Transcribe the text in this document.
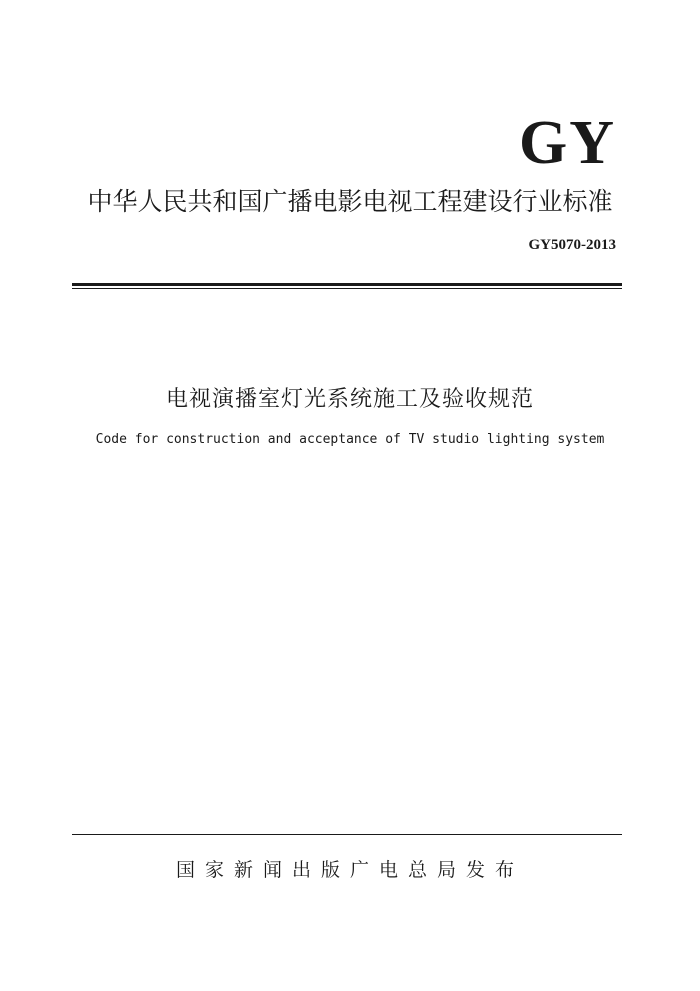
GY
中华人民共和国广播电影电视工程建设行业标准
GY5070-2013
电视演播室灯光系统施工及验收规范
Code for construction and acceptance of TV studio lighting system
国家新闻出版广电总局发布
